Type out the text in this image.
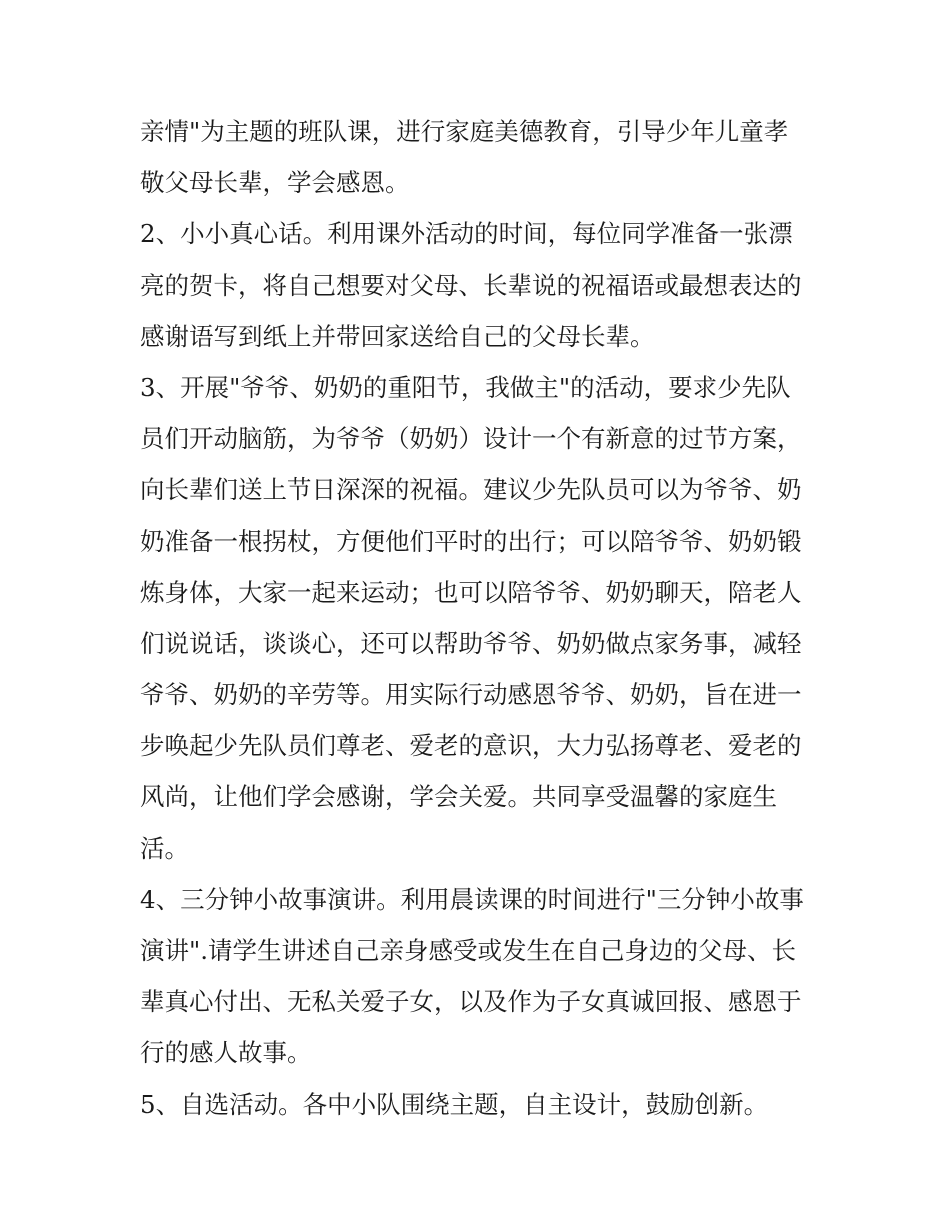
亲情"为主题的班队课，进行家庭美德教育，引导少年儿童孝
敬父母长辈，学会感恩。
2、小小真心话。利用课外活动的时间，每位同学准备一张漂
亮的贺卡，将自己想要对父母、长辈说的祝福语或最想表达的
感谢语写到纸上并带回家送给自己的父母长辈。
3、开展"爷爷、奶奶的重阳节，我做主"的活动，要求少先队
员们开动脑筋，为爷爷（奶奶）设计一个有新意的过节方案，
向长辈们送上节日深深的祝福。建议少先队员可以为爷爷、奶
奶准备一根拐杖，方便他们平时的出行；可以陪爷爷、奶奶锻
炼身体，大家一起来运动；也可以陪爷爷、奶奶聊天，陪老人
们说说话，谈谈心，还可以帮助爷爷、奶奶做点家务事，减轻
爷爷、奶奶的辛劳等。用实际行动感恩爷爷、奶奶，旨在进一
步唤起少先队员们尊老、爱老的意识，大力弘扬尊老、爱老的
风尚，让他们学会感谢，学会关爱。共同享受温馨的家庭生
活。
4、三分钟小故事演讲。利用晨读课的时间进行"三分钟小故事
演讲".请学生讲述自己亲身感受或发生在自己身边的父母、长
辈真心付出、无私关爱子女，以及作为子女真诚回报、感恩于
行的感人故事。
5、自选活动。各中小队围绕主题，自主设计，鼓励创新。
